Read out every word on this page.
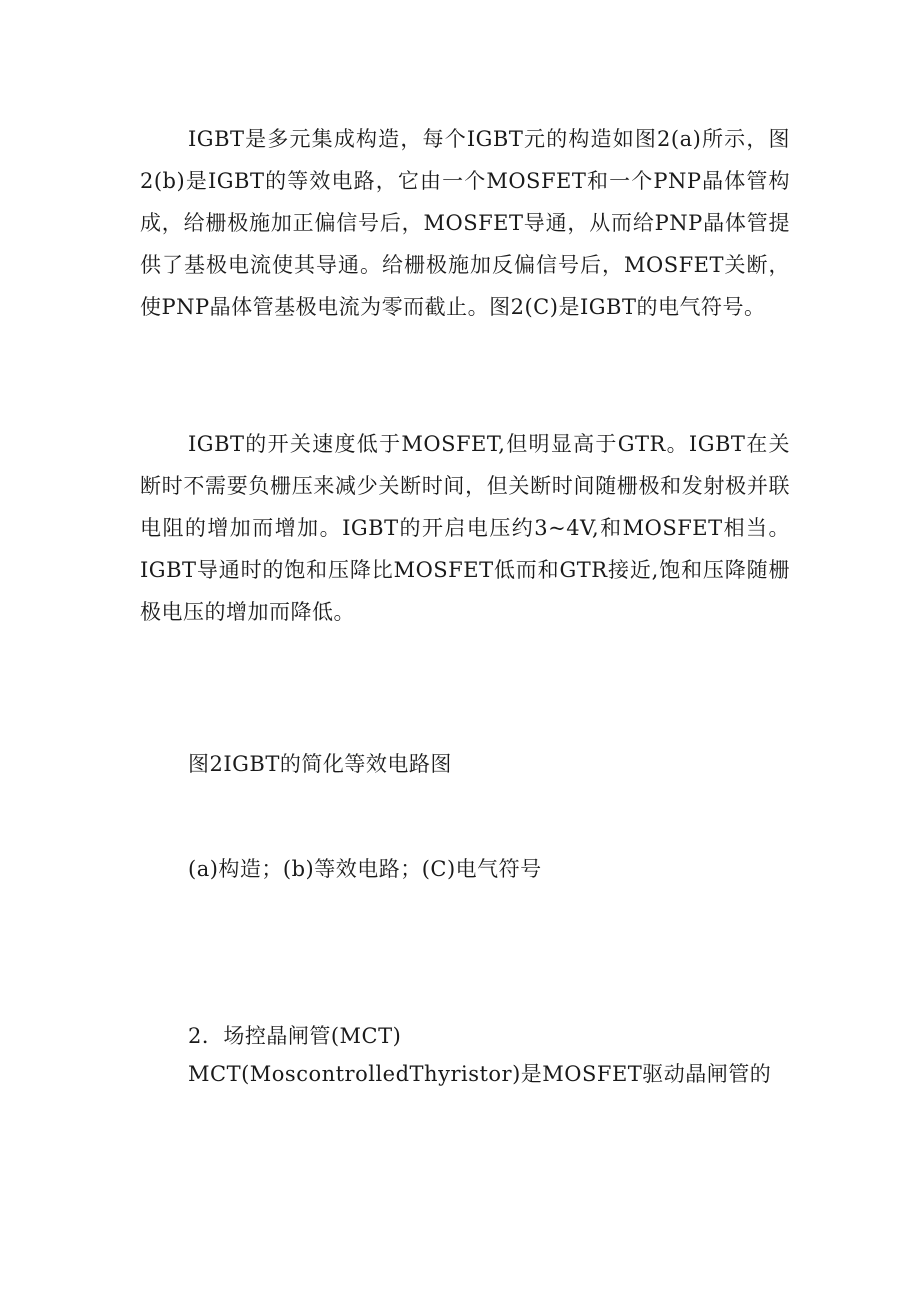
IGBT是多元集成构造，每个IGBT元的构造如图2(a)所示，图2(b)是IGBT的等效电路，它由一个MOSFET和一个PNP晶体管构成，给栅极施加正偏信号后，MOSFET导通，从而给PNP晶体管提供了基极电流使其导通。给栅极施加反偏信号后，MOSFET关断，使PNP晶体管基极电流为零而截止。图2(C)是IGBT的电气符号。

IGBT的开关速度低于MOSFET,但明显高于GTR。IGBT在关断时不需要负栅压来减少关断时间，但关断时间随栅极和发射极并联电阻的增加而增加。IGBT的开启电压约3~4V,和MOSFET相当。IGBT导通时的饱和压降比MOSFET低而和GTR接近,饱和压降随栅极电压的增加而降低。

图2IGBT的简化等效电路图

(a)构造；(b)等效电路；(C)电气符号

2．场控晶闸管(MCT)

MCT(MoscontrolledThyristor)是MOSFET驱动晶闸管的
